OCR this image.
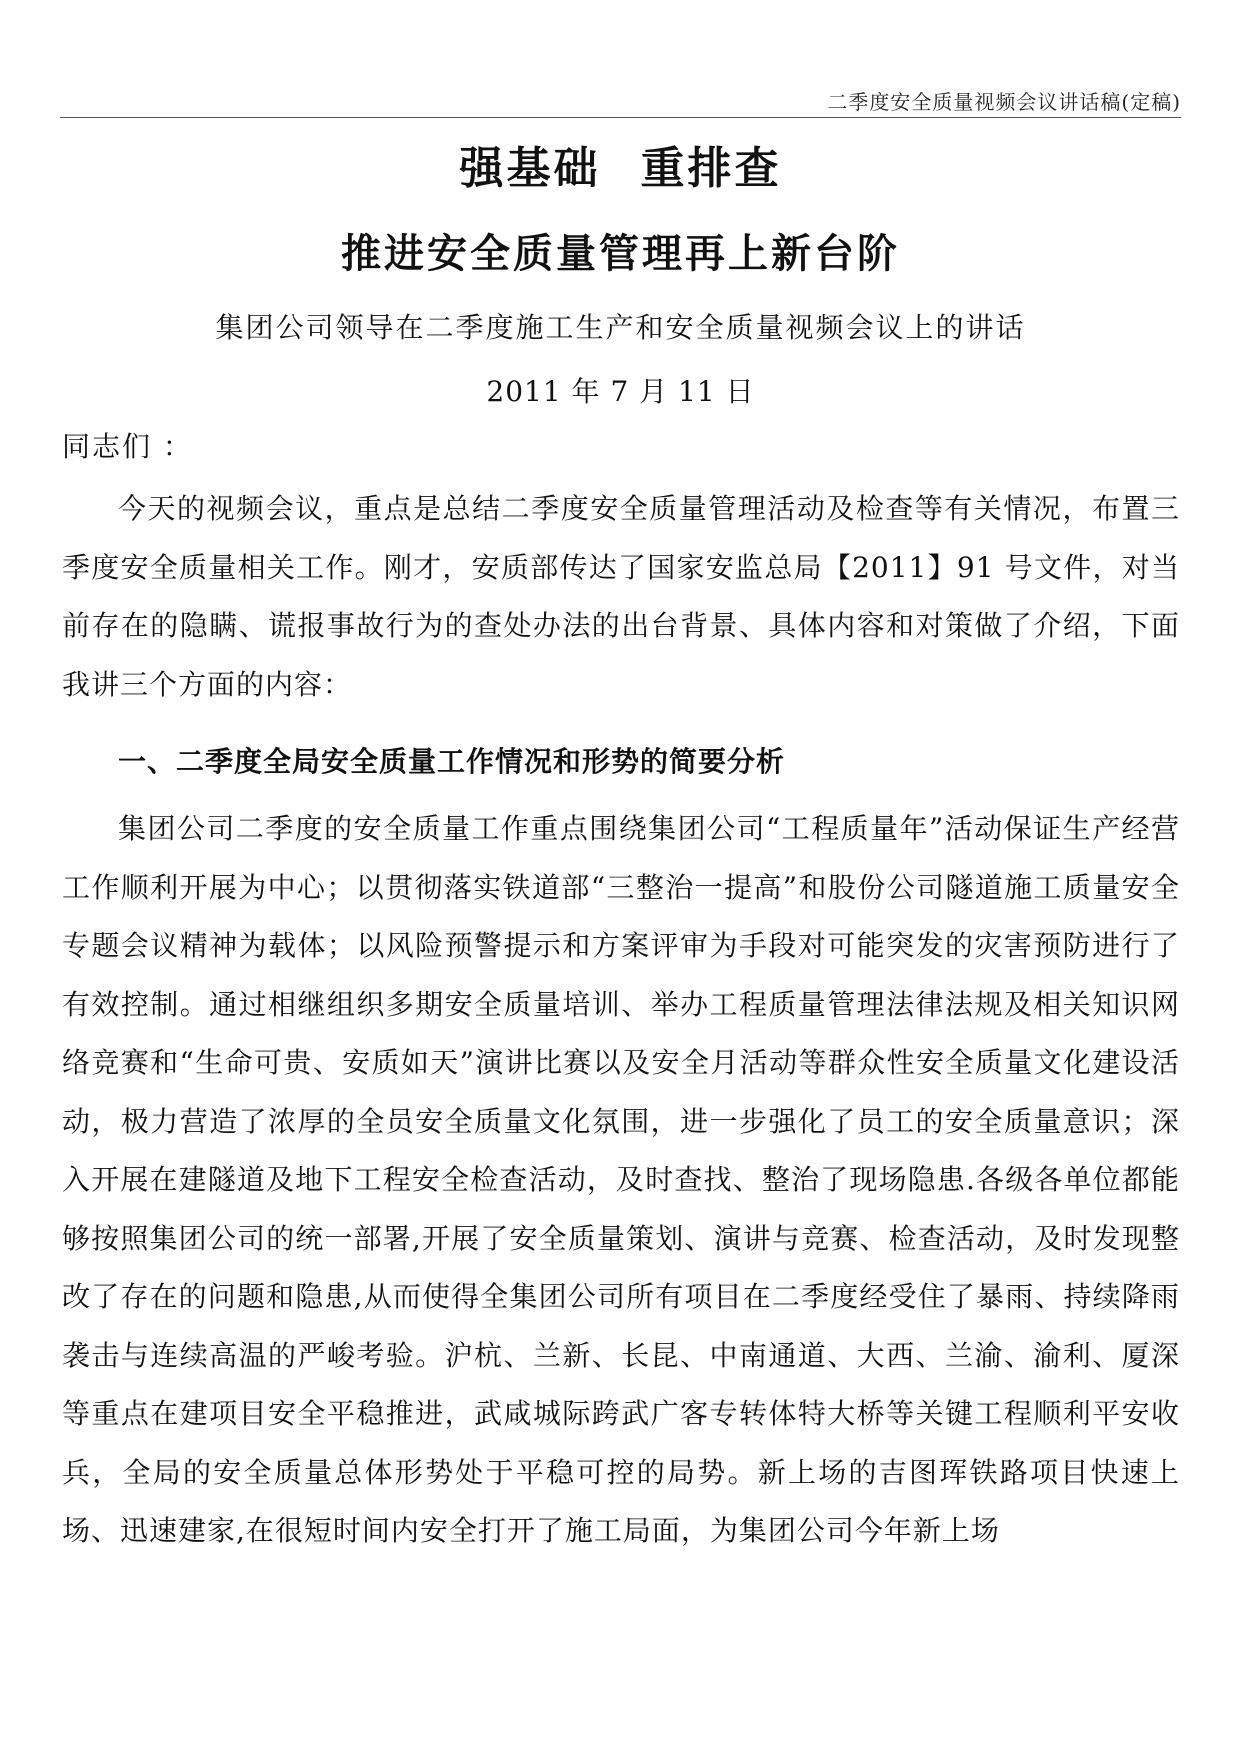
二季度安全质量视频会议讲话稿(定稿)
强基础 重排查
推进安全质量管理再上新台阶
集团公司领导在二季度施工生产和安全质量视频会议上的讲话
2011 年 7 月 11 日
同志们 ：

今天的视频会议，重点是总结二季度安全质量管理活动及检查等有关情况，布置三季度安全质量相关工作。刚才，安质部传达了国家安监总局【2011】91 号文件，对当前存在的隐瞒、谎报事故行为的查处办法的出台背景、具体内容和对策做了介绍，下面我讲三个方面的内容：

一、二季度全局安全质量工作情况和形势的简要分析

集团公司二季度的安全质量工作重点围绕集团公司“工程质量年”活动保证生产经营工作顺利开展为中心；以贯彻落实铁道部“三整治一提高”和股份公司隧道施工质量安全专题会议精神为载体；以风险预警提示和方案评审为手段对可能突发的灾害预防进行了有效控制。通过相继组织多期安全质量培训、举办工程质量管理法律法规及相关知识网络竞赛和“生命可贵、安质如天”演讲比赛以及安全月活动等群众性安全质量文化建设活动，极力营造了浓厚的全员安全质量文化氛围，进一步强化了员工的安全质量意识；深入开展在建隧道及地下工程安全检查活动，及时查找、整治了现场隐患.各级各单位都能够按照集团公司的统一部署,开展了安全质量策划、演讲与竞赛、检查活动，及时发现整改了存在的问题和隐患,从而使得全集团公司所有项目在二季度经受住了暴雨、持续降雨袭击与连续高温的严峻考验。沪杭、兰新、长昆、中南通道、大西、兰渝、渝利、厦深等重点在建项目安全平稳推进，武咸城际跨武广客专转体特大桥等关键工程顺利平安收兵，全局的安全质量总体形势处于平稳可控的局势。新上场的吉图珲铁路项目快速上场、迅速建家,在很短时间内安全打开了施工局面，为集团公司今年新上场
